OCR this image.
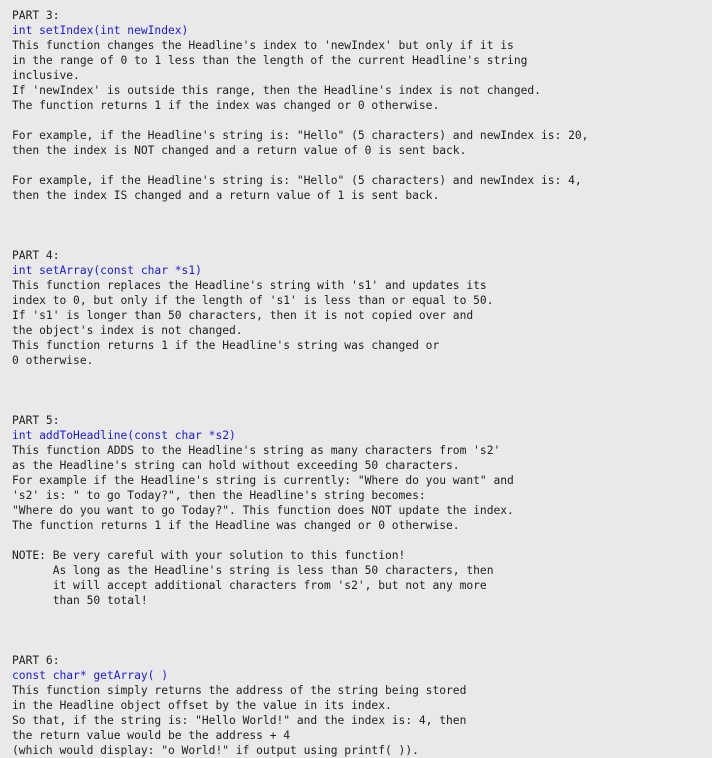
PART 3:
int setIndex(int newIndex)
This function changes the Headline's index to 'newIndex' but only if it is
in the range of 0 to 1 less than the length of the current Headline's string
inclusive.
If 'newIndex' is outside this range, then the Headline's index is not changed.
The function returns 1 if the index was changed or 0 otherwise.
For example, if the Headline's string is: "Hello" (5 characters) and newIndex is: 20,
then the index is NOT changed and a return value of 0 is sent back.
For example, if the Headline's string is: "Hello" (5 characters) and newIndex is: 4,
then the index IS changed and a return value of 1 is sent back.
PART 4:
int setArray(const char *s1)
This function replaces the Headline's string with 's1' and updates its
index to 0, but only if the length of 's1' is less than or equal to 50.
If 's1' is longer than 50 characters, then it is not copied over and
the object's index is not changed.
This function returns 1 if the Headline's string was changed or
0 otherwise.
PART 5:
int addToHeadline(const char *s2)
This function ADDS to the Headline's string as many characters from 's2'
as the Headline's string can hold without exceeding 50 characters.
For example if the Headline's string is currently: "Where do you want" and
's2' is: " to go Today?", then the Headline's string becomes:
"Where do you want to go Today?". This function does NOT update the index.
The function returns 1 if the Headline was changed or 0 otherwise.
NOTE: Be very careful with your solution to this function!
As long as the Headline's string is less than 50 characters, then
it will accept additional characters from 's2', but not any more
than 50 total!
PART 6:
const char* getArray( )
This function simply returns the address of the string being stored
in the Headline object offset by the value in its index.
So that, if the string is: "Hello World!" and the index is: 4, then
the return value would be the address + 4
(which would display: "o World!" if output using printf( )).
